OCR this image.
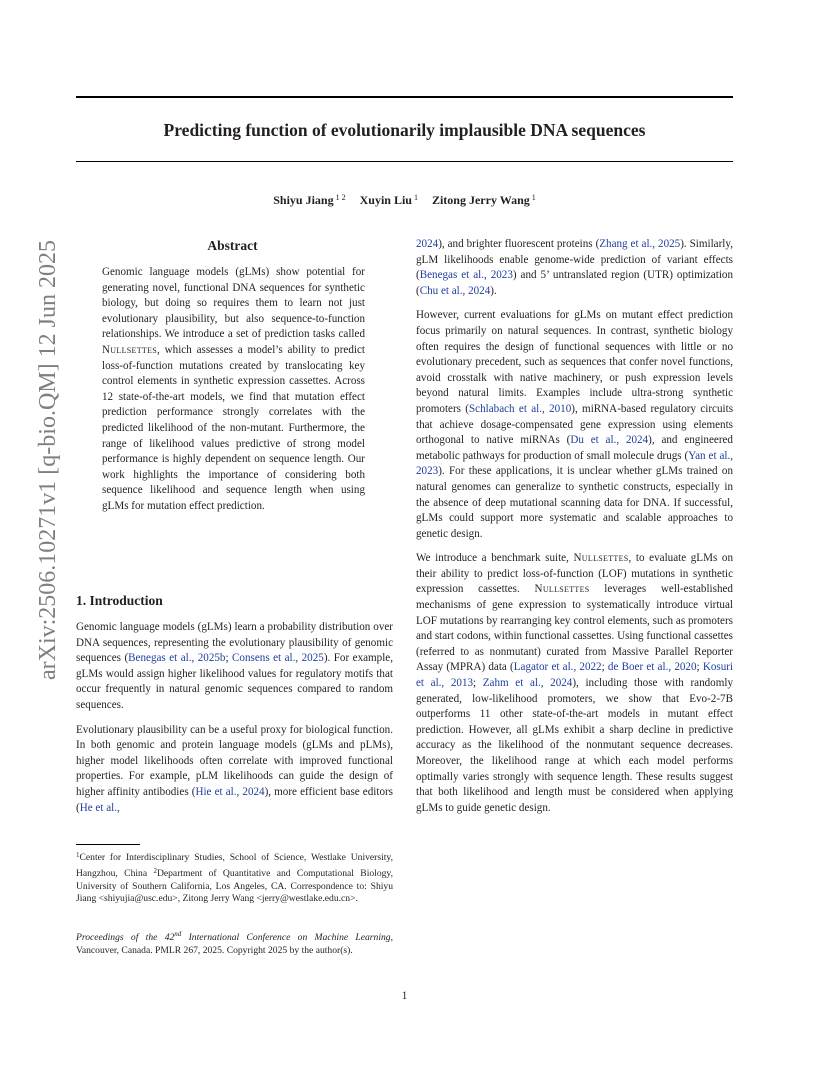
Predicting function of evolutionarily implausible DNA sequences
Shiyu Jiang $^{1 2}$ Xuyin Liu $^1$ Zitong Jerry Wang $^1$
arXiv:2506.10271v1 [q-bio.QM] 12 Jun 2025	Abstract
Genomic language models (gLMs) show potential for generating novel, functional DNA sequences for synthetic biology, but doing so requires them to learn not just evolutionary plausibility, but also sequence-to-function relationships. We introduce a set of prediction tasks called Nullsettes, which assesses a model’s ability to predict loss-of-function mutations created by translocating key control elements in synthetic expression cassettes. Across 12 state-of-the-art models, we find that mutation effect prediction performance strongly correlates with the predicted likelihood of the non-mutant. Furthermore, the range of likelihood values predictive of strong model performance is highly dependent on sequence length. Our work highlights the importance of considering both sequence likelihood and sequence length when using gLMs for mutation effect prediction.
1. Introduction

Genomic language models (gLMs) learn a probability distribution over DNA sequences, representing the evolutionary plausibility of genomic sequences (Benegas et al., 2025b; Consens et al., 2025). For example, gLMs would assign higher likelihood values for regulatory motifs that occur frequently in natural genomic sequences compared to random sequences.

Evolutionary plausibility can be a useful proxy for biological function. In both genomic and protein language models (gLMs and pLMs), higher model likelihoods often correlate with improved functional properties. For example, pLM likelihoods can guide the design of higher affinity antibodies (Hie et al., 2024), more efficient base editors (He et al.,

2024), and brighter fluorescent proteins (Zhang et al., 2025). Similarly, gLM likelihoods enable genome-wide prediction of variant effects (Benegas et al., 2023) and 5’ untranslated region (UTR) optimization (Chu et al., 2024).

However, current evaluations for gLMs on mutant effect prediction focus primarily on natural sequences. In contrast, synthetic biology often requires the design of functional sequences with little or no evolutionary precedent, such as sequences that confer novel functions, avoid crosstalk with native machinery, or push expression levels beyond natural limits. Examples include ultra-strong synthetic promoters (Schlabach et al., 2010), miRNA-based regulatory circuits that achieve dosage-compensated gene expression using elements orthogonal to native miRNAs (Du et al., 2024), and engineered metabolic pathways for production of small molecule drugs (Yan et al., 2023). For these applications, it is unclear whether gLMs trained on natural genomes can generalize to synthetic constructs, especially in the absence of deep mutational scanning data for DNA. If successful, gLMs could support more systematic and scalable approaches to genetic design.

We introduce a benchmark suite, Nullsettes, to evaluate gLMs on their ability to predict loss-of-function (LOF) mutations in synthetic expression cassettes. Nullsettes leverages well-established mechanisms of gene expression to systematically introduce virtual LOF mutations by rearranging key control elements, such as promoters and start codons, within functional cassettes. Using functional cassettes (referred to as nonmutant) curated from Massive Parallel Reporter Assay (MPRA) data (Lagator et al., 2022; de Boer et al., 2020; Kosuri et al., 2013; Zahm et al., 2024), including those with randomly generated, low-likelihood promoters, we show that Evo-2-7B outperforms 11 other state-of-the-art models in mutant effect prediction. However, all gLMs exhibit a sharp decline in predictive accuracy as the likelihood of the nonmutant sequence decreases. Moreover, the likelihood range at which each model performs optimally varies strongly with sequence length. These results suggest that both likelihood and length must be considered when applying gLMs to guide genetic design.

$^1$Center for Interdisciplinary Studies, School of Science, Westlake University, Hangzhou, China $^2$Department of Quantitative and Computational Biology, University of Southern California, Los Angeles, CA. Correspondence to: Shiyu Jiang <shiyujia@usc.edu>, Zitong Jerry Wang <jerry@westlake.edu.cn>.
Proceedings of the 42nd International Conference on Machine Learning, Vancouver, Canada. PMLR 267, 2025. Copyright 2025 by the author(s).
1
